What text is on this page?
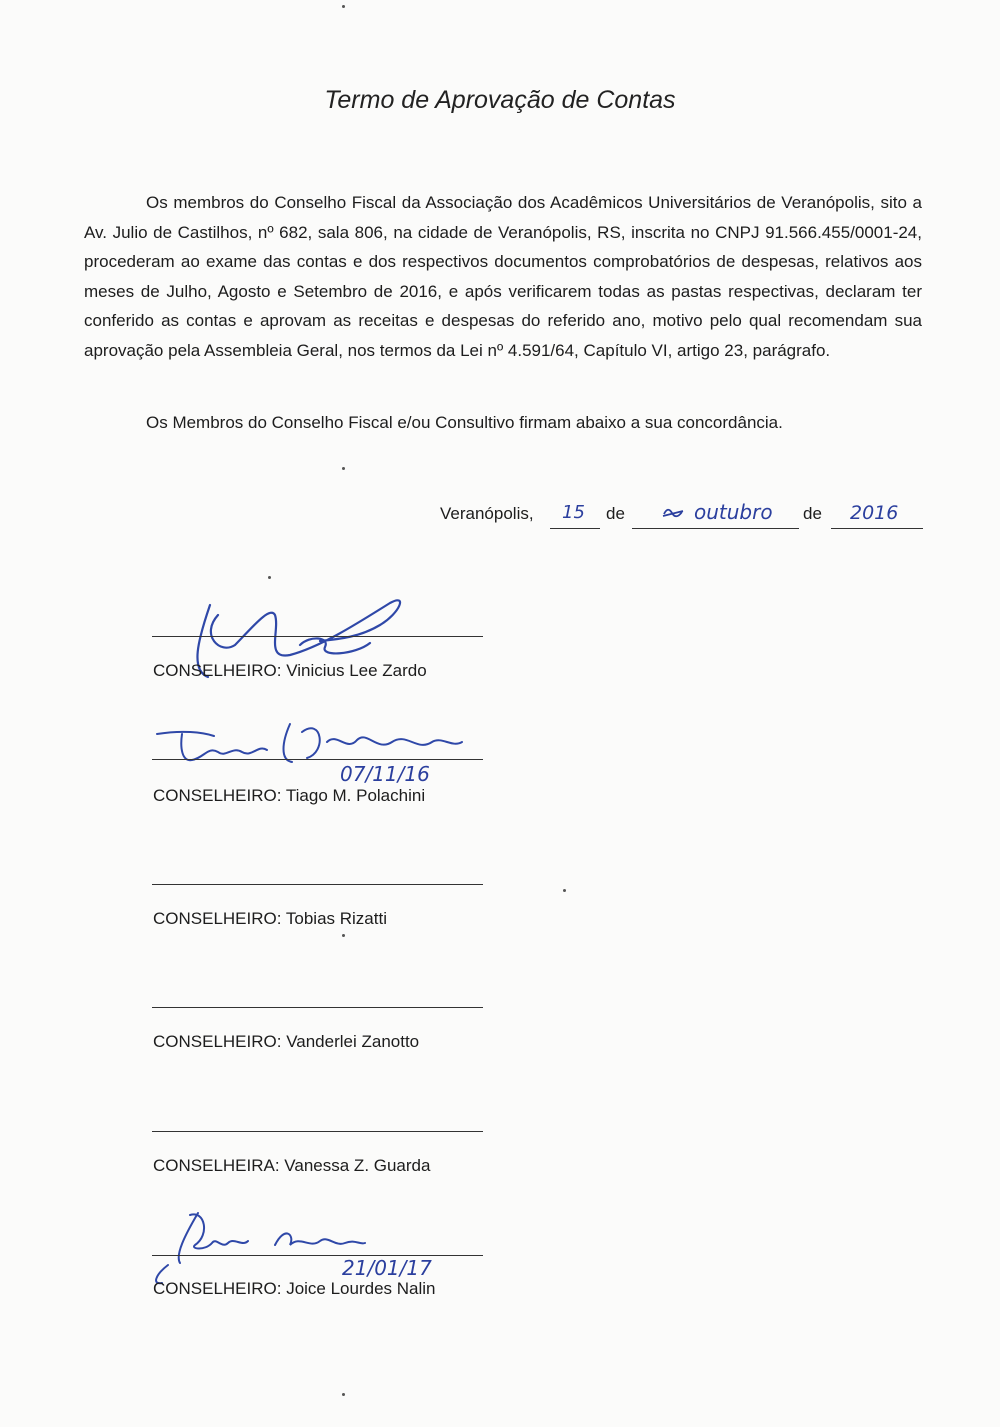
Termo de Aprovação de Contas

Os membros do Conselho Fiscal da Associação dos Acadêmicos Universitários de Veranópolis, sito a Av. Julio de Castilhos, nº 682, sala 806, na cidade de Veranópolis, RS, inscrita no CNPJ 91.566.455/0001-24, procederam ao exame das contas e dos respectivos documentos comprobatórios de despesas, relativos aos meses de Julho, Agosto e Setembro de 2016, e após verificarem todas as pastas respectivas, declaram ter conferido as contas e aprovam as receitas e despesas do referido ano, motivo pelo qual recomendam sua aprovação pela Assembleia Geral, nos termos da Lei nº 4.591/64, Capítulo VI, artigo 23, parágrafo.

Os Membros do Conselho Fiscal e/ou Consultivo firmam abaixo a sua concordância.

Veranópolis, 15 de	outubro de 2016
CONSELHEIRO: Vinicius Lee Zardo
07/11/16
CONSELHEIRO: Tiago M. Polachini
CONSELHEIRO: Tobias Rizatti
CONSELHEIRO: Vanderlei Zanotto
CONSELHEIRA: Vanessa Z. Guarda
21/01/17
CONSELHEIRO: Joice Lourdes Nalin
